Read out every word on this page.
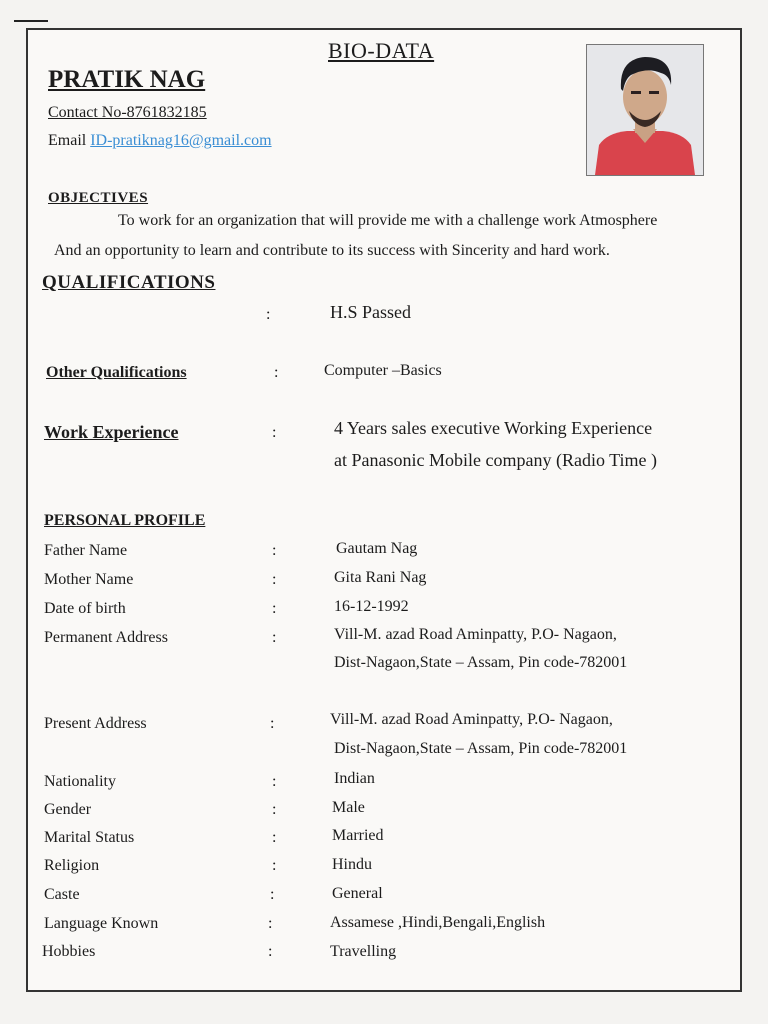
BIO-DATA
PRATIK NAG
Contact No-8761832185
Email ID-pratiknag16@gmail.com
OBJECTIVES
To work for an organization that will provide me with a challenge work Atmosphere
And an opportunity to learn and contribute to its success with Sincerity and hard work.
QUALIFICATIONS
:	H.S Passed
Other Qualifications	:	Computer –Basics
Work Experience	:	4 Years sales executive Working Experience
at Panasonic Mobile company (Radio Time )
PERSONAL PROFILE
Father Name	:	Gautam Nag
Mother Name	:	Gita Rani Nag
Date of birth	:	16-12-1992
Permanent Address	:	Vill-M. azad Road Aminpatty, P.O- Nagaon,
Dist-Nagaon,State – Assam, Pin code-782001
Present Address	:	Vill-M. azad Road Aminpatty, P.O- Nagaon,
Dist-Nagaon,State – Assam, Pin code-782001
Nationality	:	Indian
Gender	:	Male
Marital Status	:	Married
Religion	:	Hindu
Caste	:	General
Language Known	:	Assamese ,Hindi,Bengali,English
Hobbies	:	Travelling
